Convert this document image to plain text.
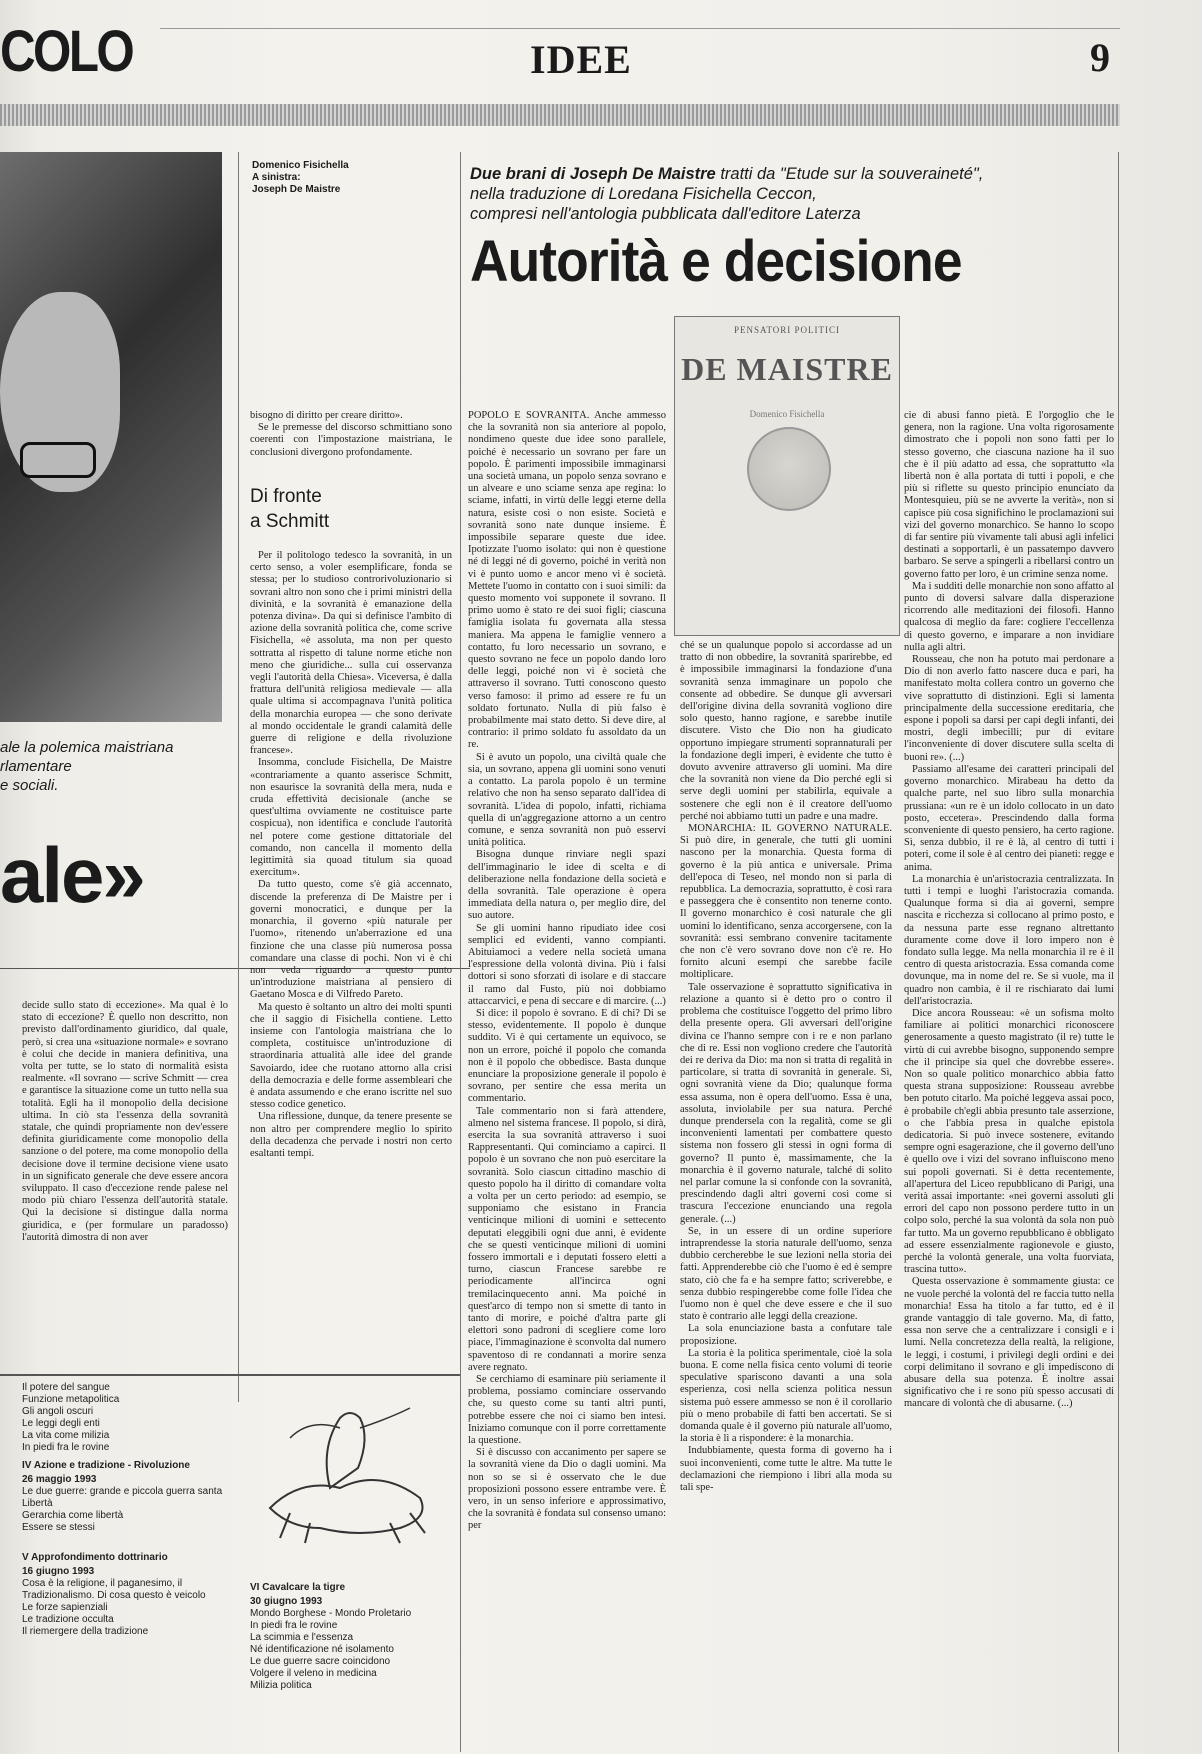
COLO	IDEE	9
Domenico Fisichella
A sinistra:
Joseph De Maistre
ale la polemica maistriana
rlamentare
e sociali.
ale»
Due brani di Joseph De Maistre tratti da "Etude sur la souveraineté",
nella traduzione di Loredana Fisichella Ceccon,
compresi nell'antologia pubblicata dall'editore Laterza
Autorità e decisione
PENSATORI POLITICI
DE MAISTRE
Domenico Fisichella

bisogno di diritto per creare diritto».

Se le premesse del discorso schmittiano sono coerenti con l'impostazione maistriana, le conclusioni divergono profondamente.

Di fronte
a Schmitt

Per il politologo tedesco la sovranità, in un certo senso, a voler esemplificare, fonda se stessa; per lo studioso controrivoluzionario si sovrani altro non sono che i primi ministri della divinità, e la sovranità è emanazione della potenza divina». Da qui si definisce l'ambito di azione della sovranità politica che, come scrive Fisichella, «è assoluta, ma non per questo sottratta al rispetto di talune norme etiche non meno che giuridiche... sulla cui osservanza vegli l'autorità della Chiesa». Viceversa, è dalla frattura dell'unità religiosa medievale — alla quale ultima si accompagnava l'unità politica della monarchia europea — che sono derivate al mondo occidentale le grandi calamità delle guerre di religione e della rivoluzione francese».

Insomma, conclude Fisichella, De Maistre «contrariamente a quanto asserisce Schmitt, non esaurisce la sovranità della mera, nuda e cruda effettività decisionale (anche se quest'ultima ovviamente ne costituisce parte cospicua), non identifica e conclude l'autorità nel potere come gestione dittatoriale del comando, non cancella il momento della legittimità sia quoad titulum sia quoad exercitum».

Da tutto questo, come s'è già accennato, discende la preferenza di De Maistre per i governi monocratici, e dunque per la monarchia, il governo «più naturale per l'uomo», ritenendo un'aberrazione ed una finzione che una classe più numerosa possa comandare una classe di pochi. Non vi è chi non veda riguardo a questo punto un'introduzione maistriana al pensiero di Gaetano Mosca e di Vilfredo Pareto.

Ma questo è soltanto un altro dei molti spunti che il saggio di Fisichella contiene. Letto insieme con l'antologia maistriana che lo completa, costituisce un'introduzione di straordinaria attualità alle idee del grande Savoiardo, idee che ruotano attorno alla crisi della democrazia e delle forme assembleari che è andata assumendo e che erano iscritte nel suo stesso codice genetico.

Una riflessione, dunque, da tenere presente se non altro per comprendere meglio lo spirito della decadenza che pervade i nostri non certo esaltanti tempi.

decide sullo stato di eccezione». Ma qual è lo stato di eccezione? È quello non descritto, non previsto dall'ordinamento giuridico, dal quale, però, si crea una «situazione normale» e sovrano è colui che decide in maniera definitiva, una volta per tutte, se lo stato di normalità esista realmente. «Il sovrano — scrive Schmitt — crea e garantisce la situazione come un tutto nella sua totalità. Egli ha il monopolio della decisione ultima. In ciò sta l'essenza della sovranità statale, che quindi propriamente non dev'essere definita giuridicamente come monopolio della sanzione o del potere, ma come monopolio della decisione dove il termine decisione viene usato in un significato generale che deve essere ancora sviluppato. Il caso d'eccezione rende palese nel modo più chiaro l'essenza dell'autorità statale. Qui la decisione si distingue dalla norma giuridica, e (per formulare un paradosso) l'autorità dimostra di non aver

POPOLO E SOVRANITÀ. Anche ammesso che la sovranità non sia anteriore al popolo, nondimeno queste due idee sono parallele, poiché è necessario un sovrano per fare un popolo. È parimenti impossibile immaginarsi una società umana, un popolo senza sovrano e un alveare e uno sciame senza ape regina: lo sciame, infatti, in virtù delle leggi eterne della natura, esiste così o non esiste. Società e sovranità sono nate dunque insieme. È impossibile separare queste due idee. Ipotizzate l'uomo isolato: qui non è questione né di leggi né di governo, poiché in verità non vi è punto uomo e ancor meno vi è società. Mettete l'uomo in contatto con i suoi simili: da questo momento voi supponete il sovrano. Il primo uomo è stato re dei suoi figli; ciascuna famiglia isolata fu governata alla stessa maniera. Ma appena le famiglie vennero a contatto, fu loro necessario un sovrano, e questo sovrano ne fece un popolo dando loro delle leggi, poiché non vi è società che attraverso il sovrano. Tutti conoscono questo verso famoso: il primo ad essere re fu un soldato fortunato. Nulla di più falso è probabilmente mai stato detto. Si deve dire, al contrario: il primo soldato fu assoldato da un re.

Si è avuto un popolo, una civiltà quale che sia, un sovrano, appena gli uomini sono venuti a contatto. La parola popolo è un termine relativo che non ha senso separato dall'idea di sovranità. L'idea di popolo, infatti, richiama quella di un'aggregazione attorno a un centro comune, e senza sovranità non può esservi unità politica.

Bisogna dunque rinviare negli spazi dell'immaginario le idee di scelta e di deliberazione nella fondazione della società e della sovranità. Tale operazione è opera immediata della natura o, per meglio dire, del suo autore.

Se gli uomini hanno ripudiato idee così semplici ed evidenti, vanno compianti. Abituiamoci a vedere nella società umana l'espressione della volontà divina. Più i falsi dottori si sono sforzati di isolare e di staccare il ramo dal Fusto, più noi dobbiamo attaccarvici, e pena di seccare e di marcire. (...)

Si dice: il popolo è sovrano. E di chi? Di se stesso, evidentemente. Il popolo è dunque suddito. Vi è qui certamente un equivoco, se non un errore, poiché il popolo che comanda non è il popolo che obbedisce. Basta dunque enunciare la proposizione generale il popolo è sovrano, per sentire che essa merita un commentario.

Tale commentario non si farà attendere, almeno nel sistema francese. Il popolo, si dirà, esercita la sua sovranità attraverso i suoi Rappresentanti. Qui cominciamo a capirci. Il popolo è un sovrano che non può esercitare la sovranità. Solo ciascun cittadino maschio di questo popolo ha il diritto di comandare volta a volta per un certo periodo: ad esempio, se supponiamo che esistano in Francia venticinque milioni di uomini e settecento deputati eleggibili ogni due anni, è evidente che se questi venticinque milioni di uomini fossero immortali e i deputati fossero eletti a turno, ciascun Francese sarebbe re periodicamente all'incirca ogni tremilacinquecento anni. Ma poiché in quest'arco di tempo non si smette di tanto in tanto di morire, e poiché d'altra parte gli elettori sono padroni di scegliere come loro piace, l'immaginazione è sconvolta dal numero spaventoso di re condannati a morire senza avere regnato.

Se cerchiamo di esaminare più seriamente il problema, possiamo cominciare osservando che, su questo come su tanti altri punti, potrebbe essere che noi ci siamo ben intesi. Iniziamo comunque con il porre correttamente la questione.

Si è discusso con accanimento per sapere se la sovranità viene da Dio o dagli uomini. Ma non so se si è osservato che le due proposizioni possono essere entrambe vere. È vero, in un senso inferiore e approssimativo, che la sovranità è fondata sul consenso umano: per

ché se un qualunque popolo si accordasse ad un tratto di non obbedire, la sovranità sparirebbe, ed è impossibile immaginarsi la fondazione d'una sovranità senza immaginare un popolo che consente ad obbedire. Se dunque gli avversari dell'origine divina della sovranità vogliono dire solo questo, hanno ragione, e sarebbe inutile discutere. Visto che Dio non ha giudicato opportuno impiegare strumenti soprannaturali per la fondazione degli imperi, è evidente che tutto è dovuto avvenire attraverso gli uomini. Ma dire che la sovranità non viene da Dio perché egli si serve degli uomini per stabilirla, equivale a sostenere che egli non è il creatore dell'uomo perché noi abbiamo tutti un padre e una madre.

MONARCHIA: IL GOVERNO NATURALE. Si può dire, in generale, che tutti gli uomini nascono per la monarchia. Questa forma di governo è la più antica e universale. Prima dell'epoca di Teseo, nel mondo non si parla di repubblica. La democrazia, soprattutto, è così rara e passeggera che è consentito non tenerne conto. Il governo monarchico è così naturale che gli uomini lo identificano, senza accorgersene, con la sovranità: essi sembrano convenire tacitamente che non c'è vero sovrano dove non c'è re. Ho fornito alcuni esempi che sarebbe facile moltiplicare.

Tale osservazione è soprattutto significativa in relazione a quanto si è detto pro o contro il problema che costituisce l'oggetto del primo libro della presente opera. Gli avversari dell'origine divina ce l'hanno sempre con i re e non parlano che di re. Essi non vogliono credere che l'autorità dei re deriva da Dio: ma non si tratta di regalità in particolare, si tratta di sovranità in generale. Sì, ogni sovranità viene da Dio; qualunque forma essa assuma, non è opera dell'uomo. Essa è una, assoluta, inviolabile per sua natura. Perché dunque prendersela con la regalità, come se gli inconvenienti lamentati per combattere questo sistema non fossero gli stessi in ogni forma di governo? Il punto è, massimamente, che la monarchia è il governo naturale, talché di solito nel parlar comune la si confonde con la sovranità, prescindendo dagli altri governi così come si trascura l'eccezione enunciando una regola generale. (...)

Se, in un essere di un ordine superiore intraprendesse la storia naturale dell'uomo, senza dubbio cercherebbe le sue lezioni nella storia dei fatti. Apprenderebbe ciò che l'uomo è ed è sempre stato, ciò che fa e ha sempre fatto; scriverebbe, e senza dubbio respingerebbe come folle l'idea che l'uomo non è quel che deve essere e che il suo stato è contrario alle leggi della creazione.

La sola enunciazione basta a confutare tale proposizione.

La storia è la politica sperimentale, cioè la sola buona. E come nella fisica cento volumi di teorie speculative spariscono davanti a una sola esperienza, così nella scienza politica nessun sistema può essere ammesso se non è il corollario più o meno probabile di fatti ben accertati. Se si domanda quale è il governo più naturale all'uomo, la storia è lì a rispondere: è la monarchia.

Indubbiamente, questa forma di governo ha i suoi inconvenienti, come tutte le altre. Ma tutte le declamazioni che riempiono i libri alla moda su tali spe-

cie di abusi fanno pietà. È l'orgoglio che le genera, non la ragione. Una volta rigorosamente dimostrato che i popoli non sono fatti per lo stesso governo, che ciascuna nazione ha il suo che è il più adatto ad essa, che soprattutto «la libertà non è alla portata di tutti i popoli, e che più si riflette su questo principio enunciato da Montesquieu, più se ne avverte la verità», non si capisce più cosa significhino le proclamazioni sui vizi del governo monarchico. Se hanno lo scopo di far sentire più vivamente tali abusi agli infelici destinati a sopportarli, è un passatempo davvero barbaro. Se serve a spingerli a ribellarsi contro un governo fatto per loro, è un crimine senza nome.

Ma i sudditi delle monarchie non sono affatto al punto di doversi salvare dalla disperazione ricorrendo alle meditazioni dei filosofi. Hanno qualcosa di meglio da fare: cogliere l'eccellenza di questo governo, e imparare a non invidiare nulla agli altri.

Rousseau, che non ha potuto mai perdonare a Dio di non averlo fatto nascere duca e pari, ha manifestato molta collera contro un governo che vive soprattutto di distinzioni. Egli si lamenta principalmente della successione ereditaria, che espone i popoli sa darsi per capi degli infanti, dei mostri, degli imbecilli; pur di evitare l'inconveniente di dover discutere sulla scelta di buoni re». (...)

Passiamo all'esame dei caratteri principali del governo monarchico. Mirabeau ha detto da qualche parte, nel suo libro sulla monarchia prussiana: «un re è un idolo collocato in un dato posto, eccetera». Prescindendo dalla forma sconveniente di questo pensiero, ha certo ragione. Sì, senza dubbio, il re è là, al centro di tutti i poteri, come il sole è al centro dei pianeti: regge e anima.

La monarchia è un'aristocrazia centralizzata. In tutti i tempi e luoghi l'aristocrazia comanda. Qualunque forma si dia ai governi, sempre nascita e ricchezza si collocano al primo posto, e da nessuna parte esse regnano altrettanto duramente come dove il loro impero non è fondato sulla legge. Ma nella monarchia il re è il centro di questa aristocrazia. Essa comanda come dovunque, ma in nome del re. Se si vuole, ma il quadro non cambia, è il re rischiarato dai lumi dell'aristocrazia.

Dice ancora Rousseau: «è un sofisma molto familiare ai politici monarchici riconoscere generosamente a questo magistrato (il re) tutte le virtù di cui avrebbe bisogno, supponendo sempre che il principe sia quel che dovrebbe essere». Non so quale politico monarchico abbia fatto questa strana supposizione: Rousseau avrebbe ben potuto citarlo. Ma poiché leggeva assai poco, è probabile ch'egli abbia presunto tale asserzione, o che l'abbia presa in qualche epistola dedicatoria. Si può invece sostenere, evitando sempre ogni esagerazione, che il governo dell'uno è quello ove i vizi del sovrano influiscono meno sui popoli governati. Si è detta recentemente, all'apertura del Liceo repubblicano di Parigi, una verità assai importante: «nei governi assoluti gli errori del capo non possono perdere tutto in un colpo solo, perché la sua volontà da sola non può far tutto. Ma un governo repubblicano è obbligato ad essere essenzialmente ragionevole e giusto, perché la volontà generale, una volta fuorviata, trascina tutto».

Questa osservazione è sommamente giusta: ce ne vuole perché la volontà del re faccia tutto nella monarchia! Essa ha titolo a far tutto, ed è il grande vantaggio di tale governo. Ma, di fatto, essa non serve che a centralizzare i consigli e i lumi. Nella concretezza della realtà, la religione, le leggi, i costumi, i privilegi degli ordini e dei corpi delimitano il sovrano e gli impediscono di abusare della sua potenza. È inoltre assai significativo che i re sono più spesso accusati di mancare di volontà che di abusarne. (...)

Il potere del sangue
Funzione metapolitica
Gli angoli oscuri
Le leggi degli enti
La vita come milizia
In piedi fra le rovine
IV Azione e tradizione - Rivoluzione
26 maggio 1993
Le due guerre: grande e piccola guerra santa
Libertà
Gerarchia come libertà
Essere se stessi
V Approfondimento dottrinario
16 giugno 1993
Cosa è la religione, il paganesimo, il Tradizionalismo. Di cosa questo è veicolo
Le forze sapienziali
Le tradizione occulta
Il riemergere della tradizione
VI Cavalcare la tigre
30 giugno 1993
Mondo Borghese - Mondo Proletario
In piedi fra le rovine
La scimmia e l'essenza
Né identificazione né isolamento
Le due guerre sacre coincidono
Volgere il veleno in medicina
Milizia politica
